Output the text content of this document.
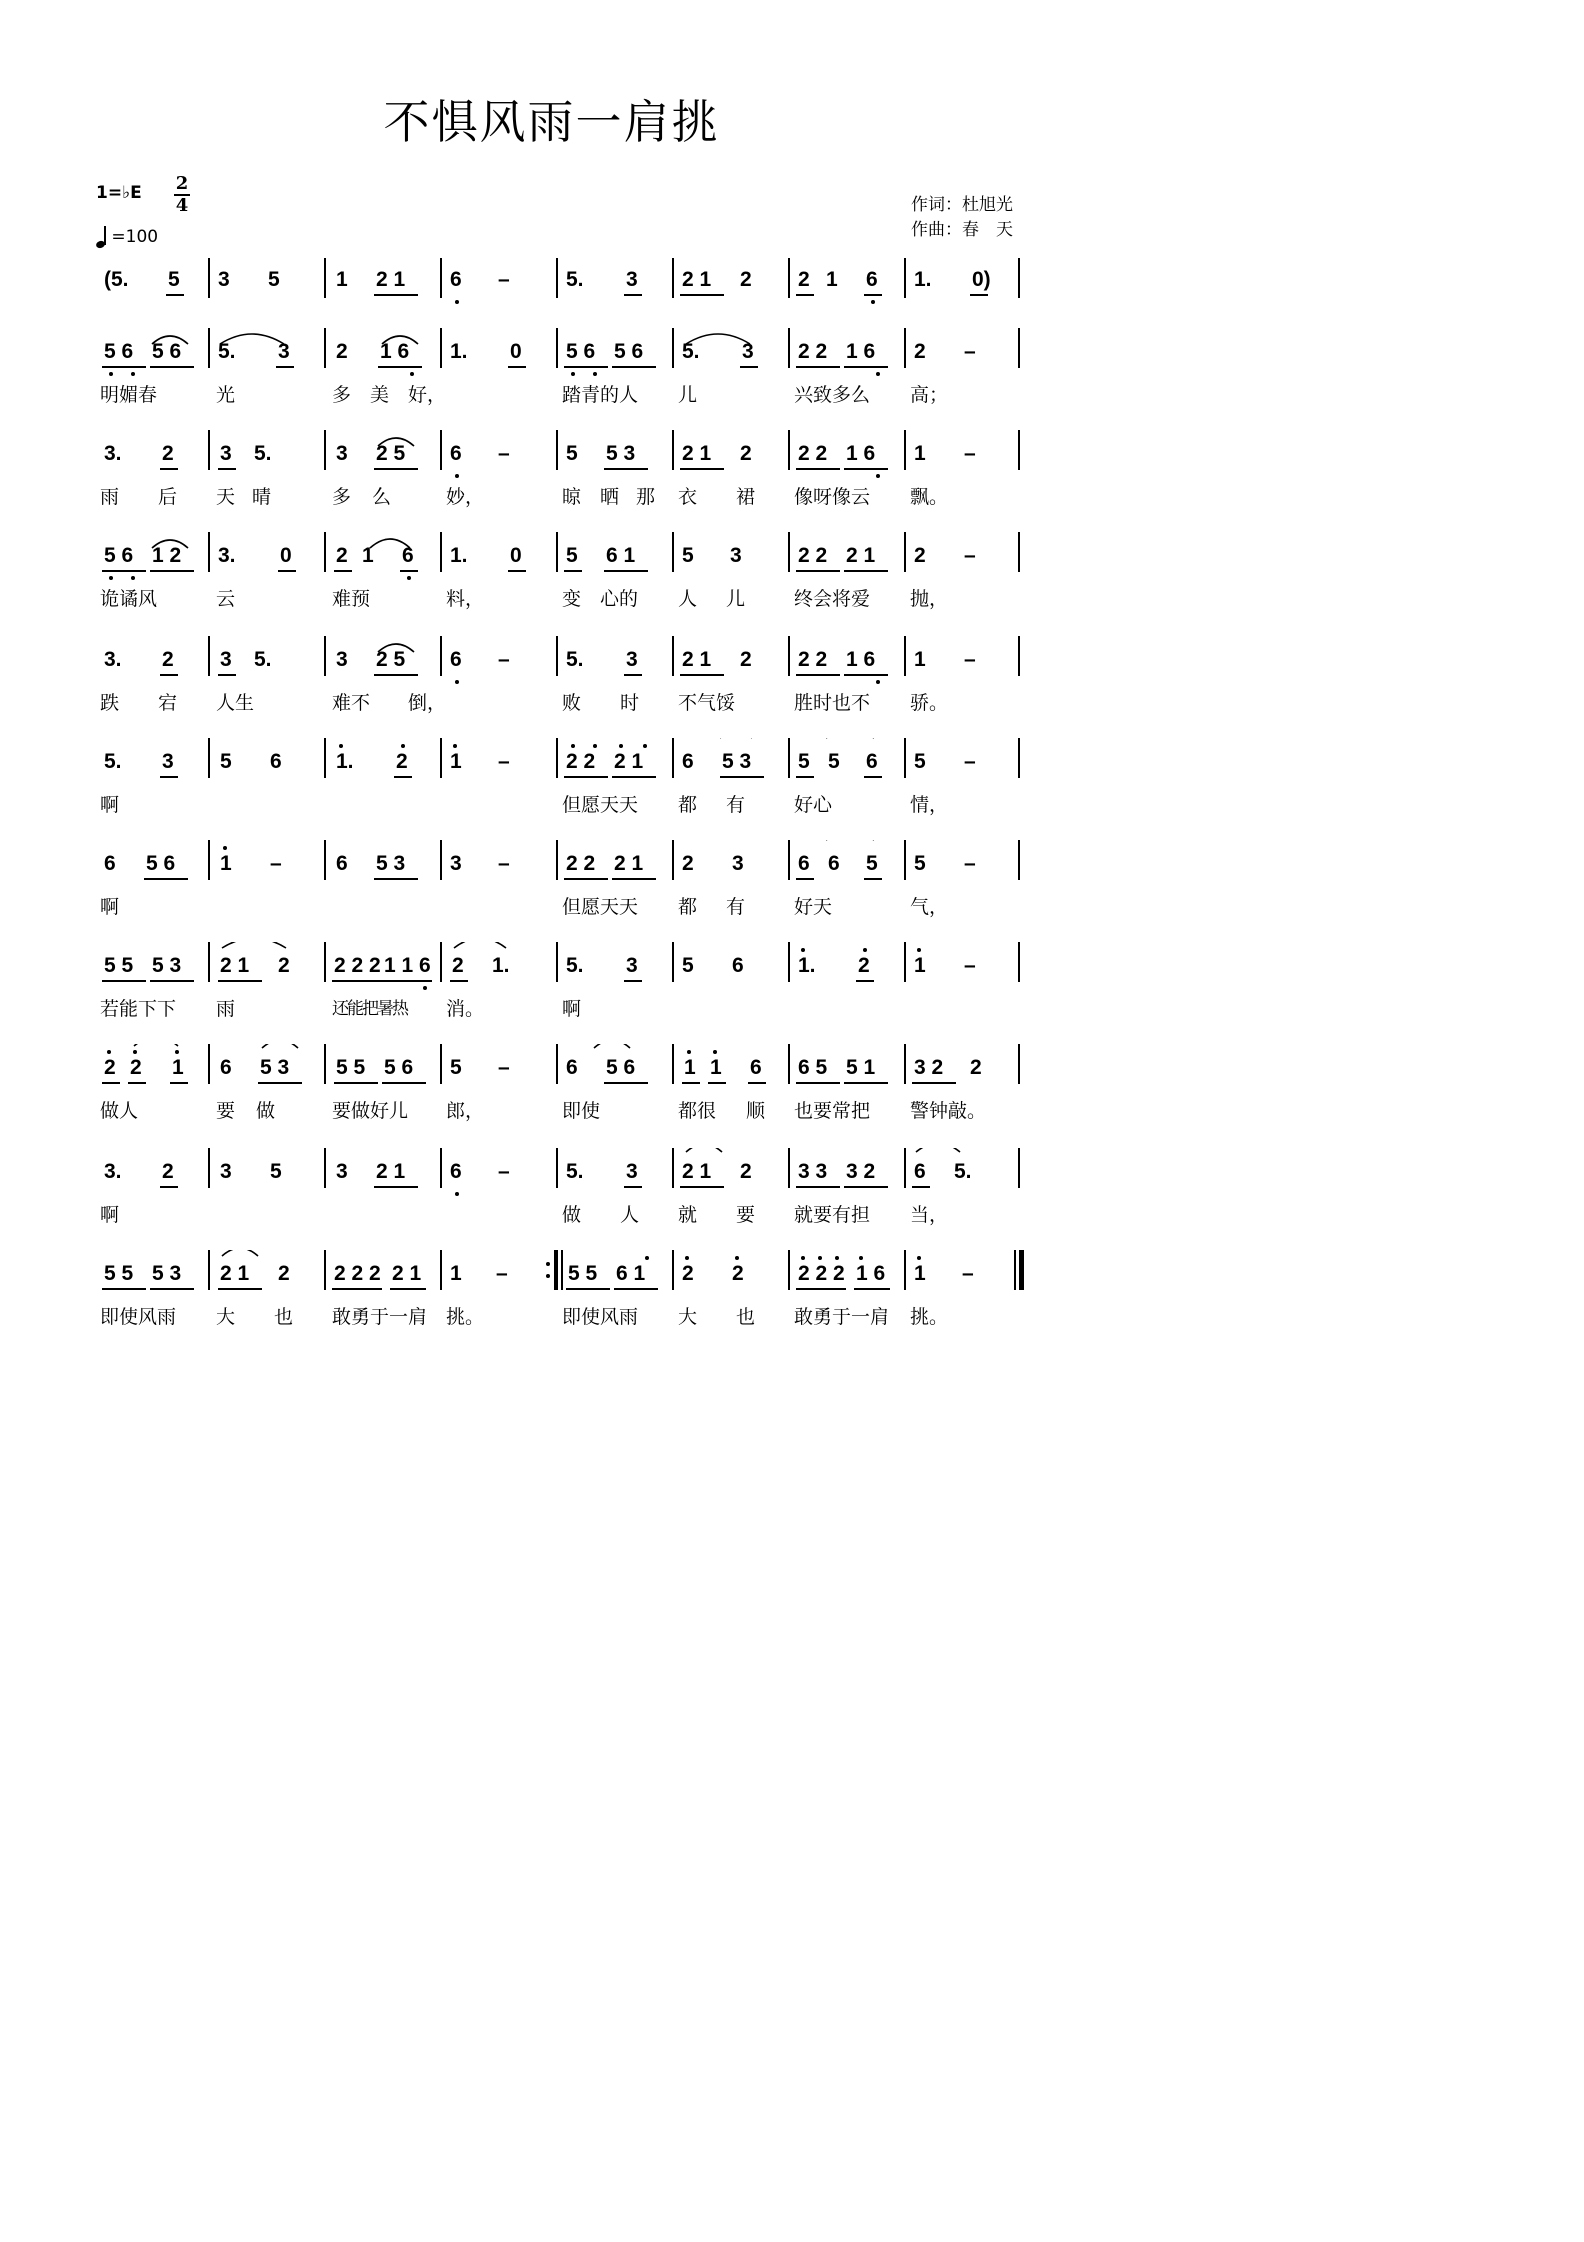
不惧风雨一肩挑
1=♭E 2
4
=100
作词：杜旭光
作曲：春　天
(5. 5 3 5	1 2 1 6 –	5. 3 2 1 2 2 1 6 1. 0)
5 6 5 6 5. 3 2 1 6 1. 0 5 6 5 6 5. 3 2 2 1 6 2 –
明媚春	光	多 美 好，	踏青的人 儿	兴致多么 高；
3. 2 3 5.	3 2 5 6 –	5 5 3 2 1 2 2 2 1 6 1 –
雨 后 天 晴	多 么	妙，	晾 晒 那 衣 裙 像呀像云 飘。
5 6 1 2 3. 0 2 1 6 1. 0 5 6 1 5 3	2 2 2 1 2 –
诡谲风	云	难预	料，	变 心的 人 儿	终会将爱 抛，
3. 2 3 5.	3 2 5 6 –	5. 3 2 1 2 2 2 1 6 1 –
跌 宕 人生	难不 倒，	败 时 不气馁	胜时也不 骄。
5. 3 5 6	1. 2 1 –	2 2 2 1 6 5 3 5 5 6 5 –
啊	但愿天天 都 有	好心	情，
6 5 6 1 –	6 5 3 3 –	2 2 2 1 2 3	6 6 5 5 –
啊	但愿天天 都 有	好天	气，
5 5 5 3 2 1 2 2 2 2 1 1 6 2 1.	5. 3 5 6	1. 2 1 –
若能下下 雨	还能把暑热 消。	啊
2 2 1 6 5 3 5 5 5 6 5 –	6 5 6 1 1 6 6 5 5 1 3 2 2
做人	要 做	要做好儿 郎，	即使	都很 顺 也要常把 警钟敲。
3. 2 3 5	3 2 1 6 –	5. 3 2 1 2 3 3 3 2 6 5.
啊	做 人 就 要 就要有担 当，
5 5 5 3 2 1 2 2 2 2 2 1 1 –	5 5 6 1 2 2	2 2 2 1 6 1 –
即使风雨 大 也 敢勇于一肩 挑。	即使风雨 大 也 敢勇于一肩 挑。
